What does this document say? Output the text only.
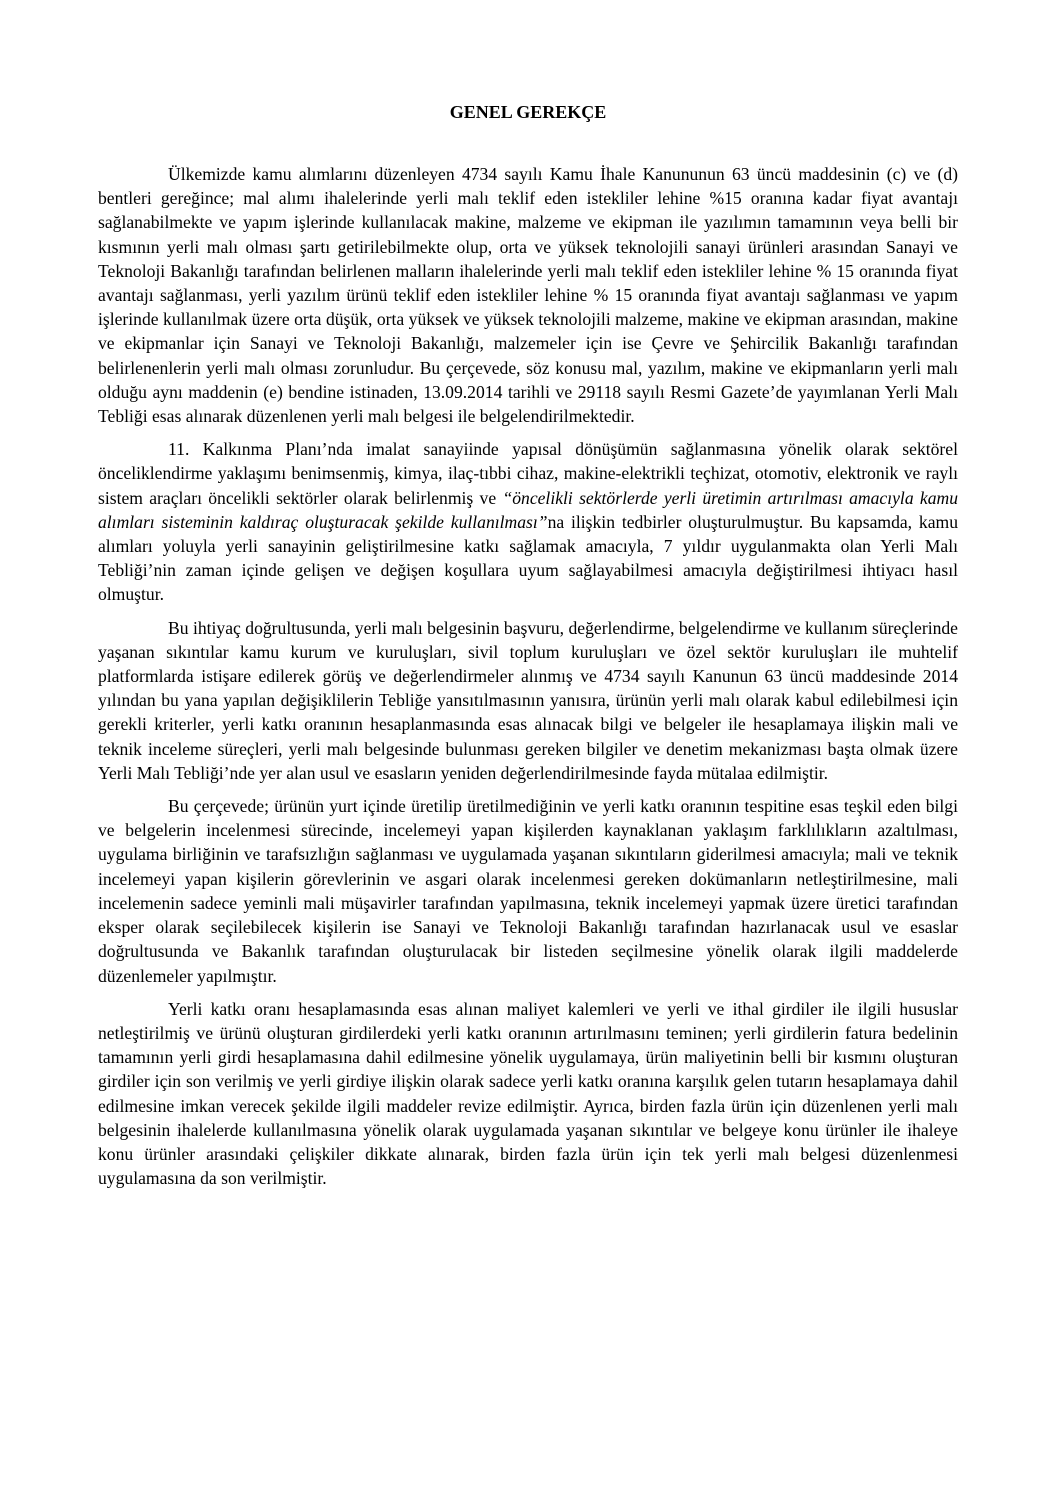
GENEL GEREKÇE

Ülkemizde kamu alımlarını düzenleyen 4734 sayılı Kamu İhale Kanununun 63 üncü maddesinin (c) ve (d) bentleri gereğince; mal alımı ihalelerinde yerli malı teklif eden istekliler lehine %15 oranına kadar fiyat avantajı sağlanabilmekte ve yapım işlerinde kullanılacak makine, malzeme ve ekipman ile yazılımın tamamının veya belli bir kısmının yerli malı olması şartı getirilebilmekte olup, orta ve yüksek teknolojili sanayi ürünleri arasından Sanayi ve Teknoloji Bakanlığı tarafından belirlenen malların ihalelerinde yerli malı teklif eden istekliler lehine % 15 oranında fiyat avantajı sağlanması, yerli yazılım ürünü teklif eden istekliler lehine % 15 oranında fiyat avantajı sağlanması ve yapım işlerinde kullanılmak üzere orta düşük, orta yüksek ve yüksek teknolojili malzeme, makine ve ekipman arasından, makine ve ekipmanlar için Sanayi ve Teknoloji Bakanlığı, malzemeler için ise Çevre ve Şehircilik Bakanlığı tarafından belirlenenlerin yerli malı olması zorunludur. Bu çerçevede, söz konusu mal, yazılım, makine ve ekipmanların yerli malı olduğu aynı maddenin (e) bendine istinaden, 13.09.2014 tarihli ve 29118 sayılı Resmi Gazete’de yayımlanan Yerli Malı Tebliği esas alınarak düzenlenen yerli malı belgesi ile belgelendirilmektedir.

11. Kalkınma Planı’nda imalat sanayiinde yapısal dönüşümün sağlanmasına yönelik olarak sektörel önceliklendirme yaklaşımı benimsenmiş, kimya, ilaç-tıbbi cihaz, makine-elektrikli teçhizat, otomotiv, elektronik ve raylı sistem araçları öncelikli sektörler olarak belirlenmiş ve “öncelikli sektörlerde yerli üretimin artırılması amacıyla kamu alımları sisteminin kaldıraç oluşturacak şekilde kullanılması”na ilişkin tedbirler oluşturulmuştur. Bu kapsamda, kamu alımları yoluyla yerli sanayinin geliştirilmesine katkı sağlamak amacıyla, 7 yıldır uygulanmakta olan Yerli Malı Tebliği’nin zaman içinde gelişen ve değişen koşullara uyum sağlayabilmesi amacıyla değiştirilmesi ihtiyacı hasıl olmuştur.

Bu ihtiyaç doğrultusunda, yerli malı belgesinin başvuru, değerlendirme, belgelendirme ve kullanım süreçlerinde yaşanan sıkıntılar kamu kurum ve kuruluşları, sivil toplum kuruluşları ve özel sektör kuruluşları ile muhtelif platformlarda istişare edilerek görüş ve değerlendirmeler alınmış ve 4734 sayılı Kanunun 63 üncü maddesinde 2014 yılından bu yana yapılan değişiklilerin Tebliğe yansıtılmasının yanısıra, ürünün yerli malı olarak kabul edilebilmesi için gerekli kriterler, yerli katkı oranının hesaplanmasında esas alınacak bilgi ve belgeler ile hesaplamaya ilişkin mali ve teknik inceleme süreçleri, yerli malı belgesinde bulunması gereken bilgiler ve denetim mekanizması başta olmak üzere Yerli Malı Tebliği’nde yer alan usul ve esasların yeniden değerlendirilmesinde fayda mütalaa edilmiştir.

Bu çerçevede; ürünün yurt içinde üretilip üretilmediğinin ve yerli katkı oranının tespitine esas teşkil eden bilgi ve belgelerin incelenmesi sürecinde, incelemeyi yapan kişilerden kaynaklanan yaklaşım farklılıkların azaltılması, uygulama birliğinin ve tarafsızlığın sağlanması ve uygulamada yaşanan sıkıntıların giderilmesi amacıyla; mali ve teknik incelemeyi yapan kişilerin görevlerinin ve asgari olarak incelenmesi gereken dokümanların netleştirilmesine, mali incelemenin sadece yeminli mali müşavirler tarafından yapılmasına, teknik incelemeyi yapmak üzere üretici tarafından eksper olarak seçilebilecek kişilerin ise Sanayi ve Teknoloji Bakanlığı tarafından hazırlanacak usul ve esaslar doğrultusunda ve Bakanlık tarafından oluşturulacak bir listeden seçilmesine yönelik olarak ilgili maddelerde düzenlemeler yapılmıştır.

Yerli katkı oranı hesaplamasında esas alınan maliyet kalemleri ve yerli ve ithal girdiler ile ilgili hususlar netleştirilmiş ve ürünü oluşturan girdilerdeki yerli katkı oranının artırılmasını teminen; yerli girdilerin fatura bedelinin tamamının yerli girdi hesaplamasına dahil edilmesine yönelik uygulamaya, ürün maliyetinin belli bir kısmını oluşturan girdiler için son verilmiş ve yerli girdiye ilişkin olarak sadece yerli katkı oranına karşılık gelen tutarın hesaplamaya dahil edilmesine imkan verecek şekilde ilgili maddeler revize edilmiştir. Ayrıca, birden fazla ürün için düzenlenen yerli malı belgesinin ihalelerde kullanılmasına yönelik olarak uygulamada yaşanan sıkıntılar ve belgeye konu ürünler ile ihaleye konu ürünler arasındaki çelişkiler dikkate alınarak, birden fazla ürün için tek yerli malı belgesi düzenlenmesi uygulamasına da son verilmiştir.
